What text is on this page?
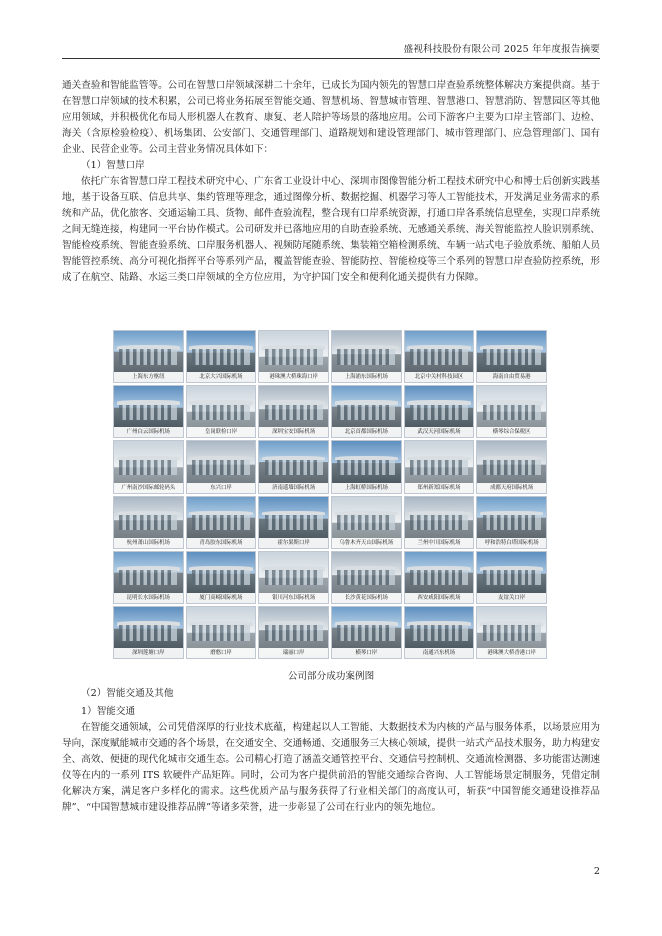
盛视科技股份有限公司 2025 年年度报告摘要

通关查验和智能监管等。公司在智慧口岸领域深耕二十余年，已成长为国内领先的智慧口岸查验系统整体解决方案提供商。基于在智慧口岸领域的技术积累，公司已将业务拓展至智能交通、智慧机场、智慧城市管理、智慧港口、智慧消防、智慧园区等其他应用领域，并积极优化布局人形机器人在教育、康复、老人陪护等场景的落地应用。公司下游客户主要为口岸主管部门、边检、海关（含原检验检疫）、机场集团、公安部门、交通管理部门、道路规划和建设管理部门、城市管理部门、应急管理部门、国有企业、民营企业等。公司主营业务情况具体如下：

（1）智慧口岸

依托广东省智慧口岸工程技术研究中心、广东省工业设计中心、深圳市图像智能分析工程技术研究中心和博士后创新实践基地，基于设备互联、信息共享、集约管理等理念，通过图像分析、数据挖掘、机器学习等人工智能技术，开发满足业务需求的系统和产品，优化旅客、交通运输工具、货物、邮件查验流程，整合现有口岸系统资源，打通口岸各系统信息壁垒，实现口岸系统之间无缝连接，构建同一平台协作模式。公司研发并已落地应用的自助查验系统、无感通关系统、海关智能监控人脸识别系统、智能检疫系统、智能查验系统、口岸服务机器人、视频防尾随系统、集装箱空箱检测系统、车辆一站式电子验放系统、船舶人员智能管控系统、高分可视化指挥平台等系列产品，覆盖智能查验、智能防控、智能检疫等三个系列的智慧口岸查验防控系统，形成了在航空、陆路、水运三类口岸领域的全方位应用，为守护国门安全和便利化通关提供有力保障。

上海东方枢纽	北京大兴国际机场	港珠澳大桥珠海口岸	上海浦东国际机场	北京中关村科技园区	海南自由贸易港
广州白云国际机场	皇岗联检口岸	深圳宝安国际机场	北京首都国际机场	武汉天河国际机场	横琴综合保税区
广州南沙国际邮轮码头	东兴口岸	济南遥墙国际机场	上海虹桥国际机场	郑州新郑国际机场	成都天府国际机场
杭州萧山国际机场	青岛胶东国际机场	霍尔果斯口岸	乌鲁木齐天山国际机场	兰州中川国际机场	呼和浩特白塔国际机场
昆明长水国际机场	厦门高崎国际机场	银川河东国际机场	长沙黄花国际机场	西安咸阳国际机场	友谊关口岸
深圳莲塘口岸	磨憨口岸	瑞丽口岸	横琴口岸	南通兴东机场	港珠澳大桥香港口岸
公司部分成功案例图
（2）智能交通及其他
1）智能交通

在智能交通领域，公司凭借深厚的行业技术底蕴，构建起以人工智能、大数据技术为内核的产品与服务体系，以场景应用为导向，深度赋能城市交通的各个场景，在交通安全、交通畅通、交通服务三大核心领域，提供一站式产品技术服务，助力构建安全、高效、便捷的现代化城市交通生态。公司精心打造了涵盖交通管控平台、交通信号控制机、交通流检测器、多功能雷达测速仪等在内的一系列 ITS 软硬件产品矩阵。同时，公司为客户提供前沿的智能交通综合咨询、人工智能场景定制服务，凭借定制化解决方案，满足客户多样化的需求。这些优质产品与服务获得了行业相关部门的高度认可，斩获“中国智能交通建设推荐品牌”、“中国智慧城市建设推荐品牌”等诸多荣誉，进一步彰显了公司在行业内的领先地位。

2
